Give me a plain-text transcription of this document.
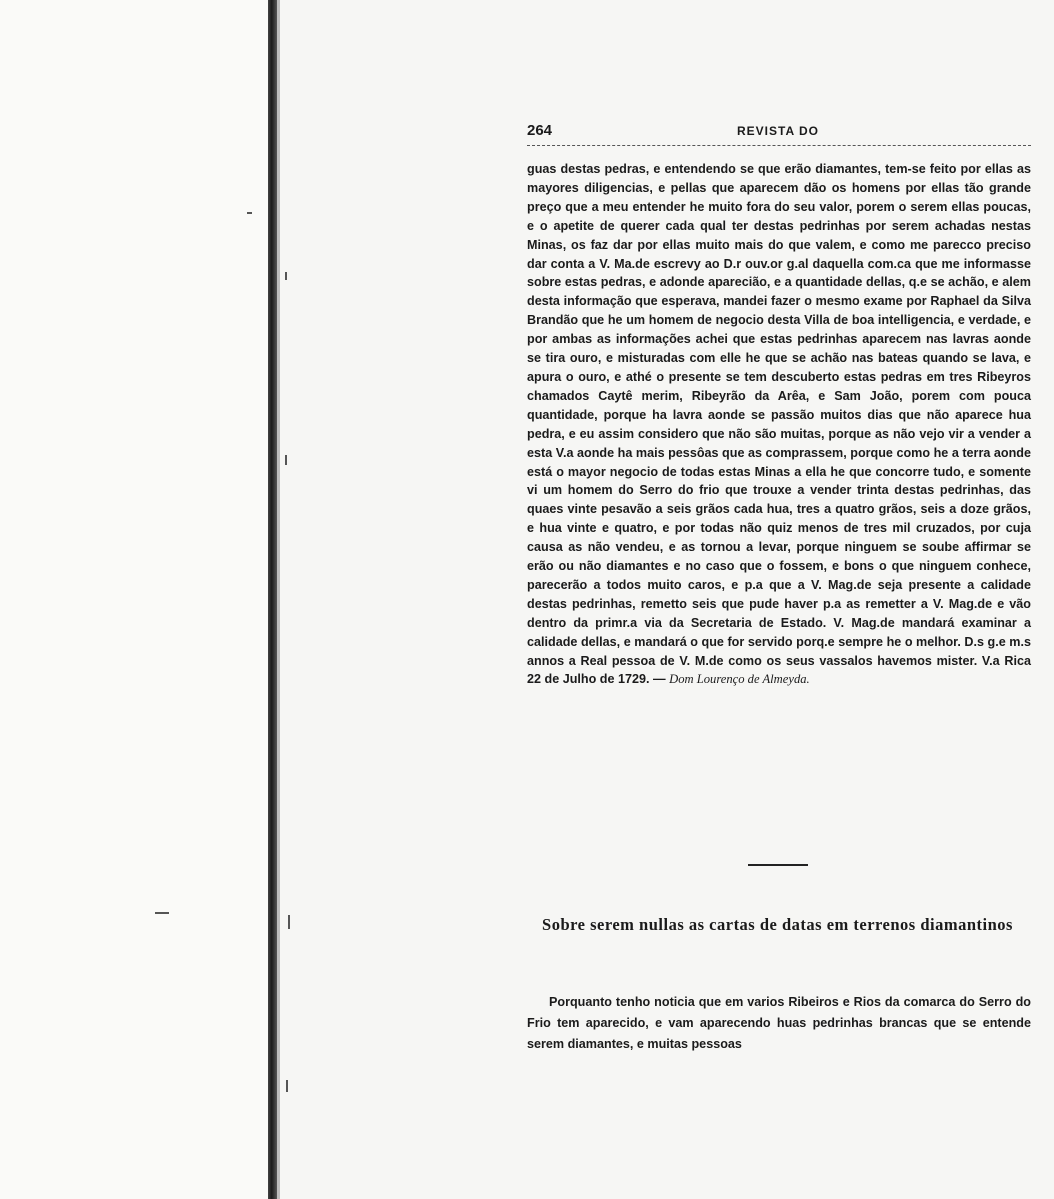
264	REVISTA DO

guas destas pedras, e entendendo se que erão diamantes, tem-se feito por ellas as mayores diligencias, e pellas que aparecem dão os homens por ellas tão grande preço que a meu entender he muito fora do seu valor, porem o serem ellas poucas, e o apetite de querer cada qual ter destas pedrinhas por serem achadas nestas Minas, os faz dar por ellas muito mais do que valem, e como me parecco preciso dar conta a V. Ma.de escrevy ao D.r ouv.or g.al daquella com.ca que me informasse sobre estas pedras, e adonde aparecião, e a quantidade dellas, q.e se achão, e alem desta informação que esperava, mandei fazer o mesmo exame por Raphael da Silva Brandão que he um homem de negocio desta Villa de boa intelligencia, e verdade, e por ambas as informações achei que estas pedrinhas aparecem nas lavras aonde se tira ouro, e misturadas com elle he que se achão nas bateas quando se lava, e apura o ouro, e athé o presente se tem descuberto estas pedras em tres Ribeyros chamados Caytê merim, Ribeyrão da Arêa, e Sam João, porem com pouca quantidade, porque ha lavra aonde se passão muitos dias que não aparece hua pedra, e eu assim considero que não são muitas, porque as não vejo vir a vender a esta V.a aonde ha mais pessôas que as comprassem, porque como he a terra aonde está o mayor negocio de todas estas Minas a ella he que concorre tudo, e somente vi um homem do Serro do frio que trouxe a vender trinta destas pedrinhas, das quaes vinte pesavão a seis grãos cada hua, tres a quatro grãos, seis a doze grãos, e hua vinte e quatro, e por todas não quiz menos de tres mil cruzados, por cuja causa as não vendeu, e as tornou a levar, porque ninguem se soube affirmar se erão ou não diamantes e no caso que o fossem, e bons o que ninguem conhece, parecerão a todos muito caros, e p.a que a V. Mag.de seja presente a calidade destas pedrinhas, remetto seis que pude haver p.a as remetter a V. Mag.de e vão dentro da primr.a via da Secretaria de Estado. V. Mag.de mandará examinar a calidade dellas, e mandará o que for servido porq.e sempre he o melhor. D.s g.e m.s annos a Real pessoa de V. M.de como os seus vassalos havemos mister. V.a Rica 22 de Julho de 1729. — Dom Lourenço de Almeyda.

Sobre serem nullas as cartas de datas em terrenos diamantinos

Porquanto tenho noticia que em varios Ribeiros e Rios da comarca do Serro do Frio tem aparecido, e vam aparecendo huas pedrinhas brancas que se entende serem diamantes, e muitas pessoas
